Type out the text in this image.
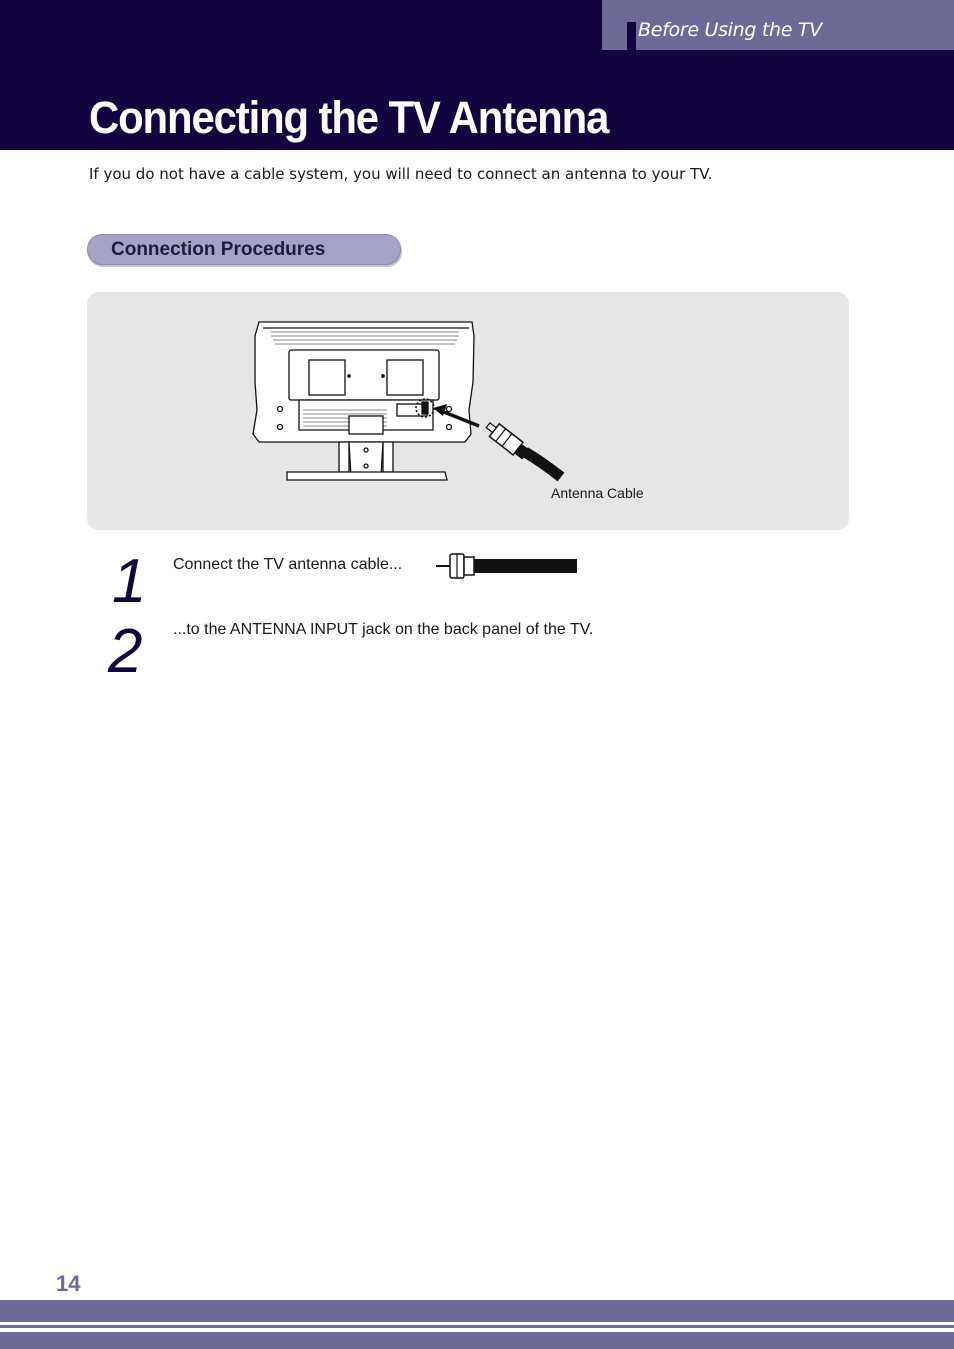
Before Using the TV
Connecting the TV Antenna
If you do not have a cable system, you will need to connect an antenna to your TV.
Connection Procedures
Antenna Cable
1 Connect the TV antenna cable...
2 ...to the ANTENNA INPUT jack on the back panel of the TV.
14
